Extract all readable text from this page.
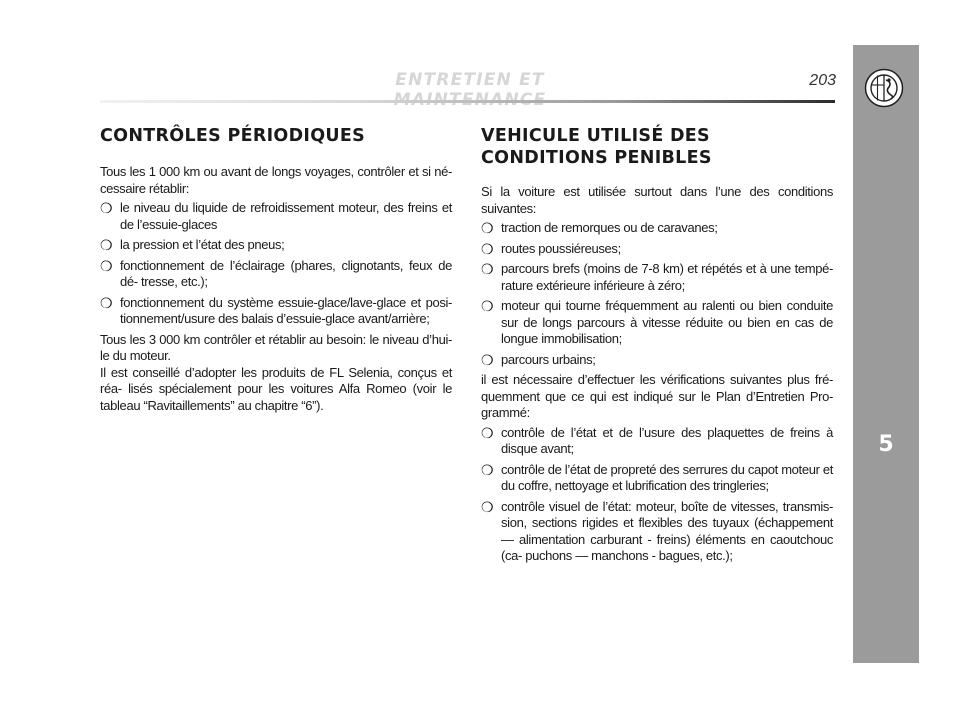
ENTRETIEN ET	203
5
CONTRÔLES PÉRIODIQUES

Tous les 1 000 km ou avant de longs voyages, contrôler et si né- cessaire rétablir:

❍ le niveau du liquide de refroidissement moteur, des freins et de l’essuie-glaces
❍ la pression et l’état des pneus;
❍ fonctionnement de l’éclairage (phares, clignotants, feux de dé- tresse, etc.);
❍ fonctionnement du système essuie-glace/lave-glace et posi- tionnement/usure des balais d’essuie-glace avant/arrière;

Tous les 3 000 km contrôler et rétablir au besoin: le niveau d’hui- le du moteur.

Il est conseillé d’adopter les produits de FL Selenia, conçus et réa- lisés spécialement pour les voitures Alfa Romeo (voir le tableau “Ravitaillements” au chapitre “6”).

VEHICULE UTILISÉ DES
CONDITIONS PENIBLES

Si la voiture est utilisée surtout dans l’une des conditions suivantes:

❍ traction de remorques ou de caravanes;
❍ routes poussiéreuses;
❍ parcours brefs (moins de 7-8 km) et répétés et à une tempé- rature extérieure inférieure à zéro;
❍ moteur qui tourne fréquemment au ralenti ou bien conduite sur de longs parcours à vitesse réduite ou bien en cas de longue immobilisation;
❍ parcours urbains;

il est nécessaire d’effectuer les vérifications suivantes plus fré- quemment que ce qui est indiqué sur le Plan d’Entretien Pro- grammé:

❍ contrôle de l’état et de l’usure des plaquettes de freins à disque avant;
❍ contrôle de l’état de propreté des serrures du capot moteur et du coffre, nettoyage et lubrification des tringleries;
❍ contrôle visuel de l’état: moteur, boîte de vitesses, transmis- sion, sections rigides et flexibles des tuyaux (échappement — alimentation carburant - freins) éléments en caoutchouc (ca- puchons — manchons - bagues, etc.);
